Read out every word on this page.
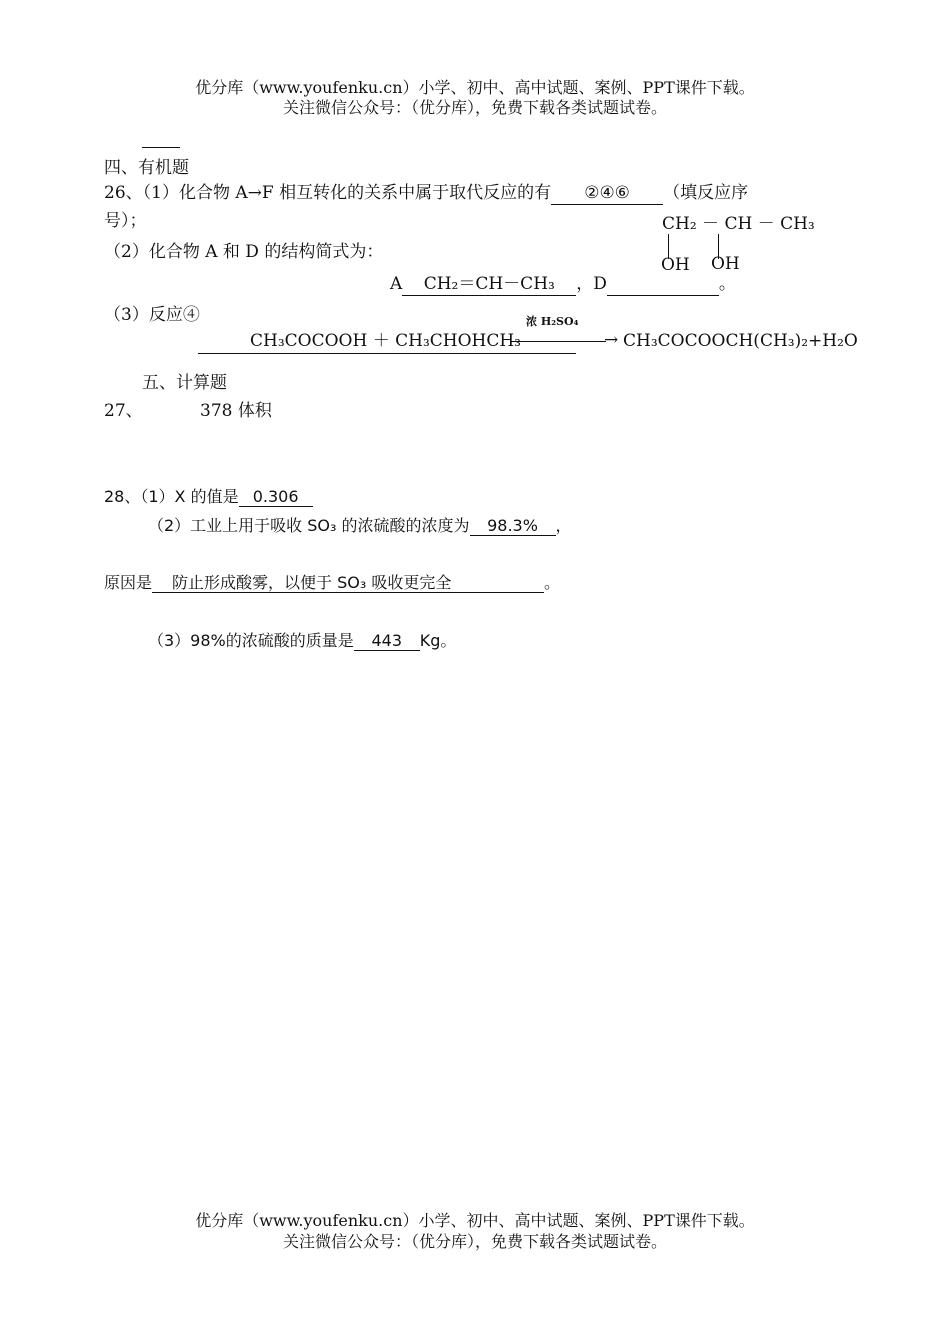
优分库（www.youfenku.cn）小学、初中、高中试题、案例、PPT课件下载。
关注微信公众号：（优分库），免费下载各类试题试卷。
四、有机题
26、（1）化合物 A→F 相互转化的关系中属于取代反应的有 ②④⑥ （填反应序
号）；	CH₂ － CH － CH₃
OH OH
（2）化合物 A 和 D 的结构简式为：
A CH₂＝CH－CH₃ ，D	。
（3）反应④	浓 H₂SO₄
CH₃COCOOH ＋ CH₃CHOHCH₃	→ CH₃COCOOCH(CH₃)₂+H₂O
五、计算题
27、	378 体积
28、（1）X 的值是 0.306
（2）工业上用于吸收 SO₃ 的浓硫酸的浓度为 98.3% ，
原因是 防止形成酸雾，以便于 SO₃ 吸收更完全	。
（3）98%的浓硫酸的质量是 443 Kg。
优分库（www.youfenku.cn）小学、初中、高中试题、案例、PPT课件下载。
关注微信公众号：（优分库），免费下载各类试题试卷。
